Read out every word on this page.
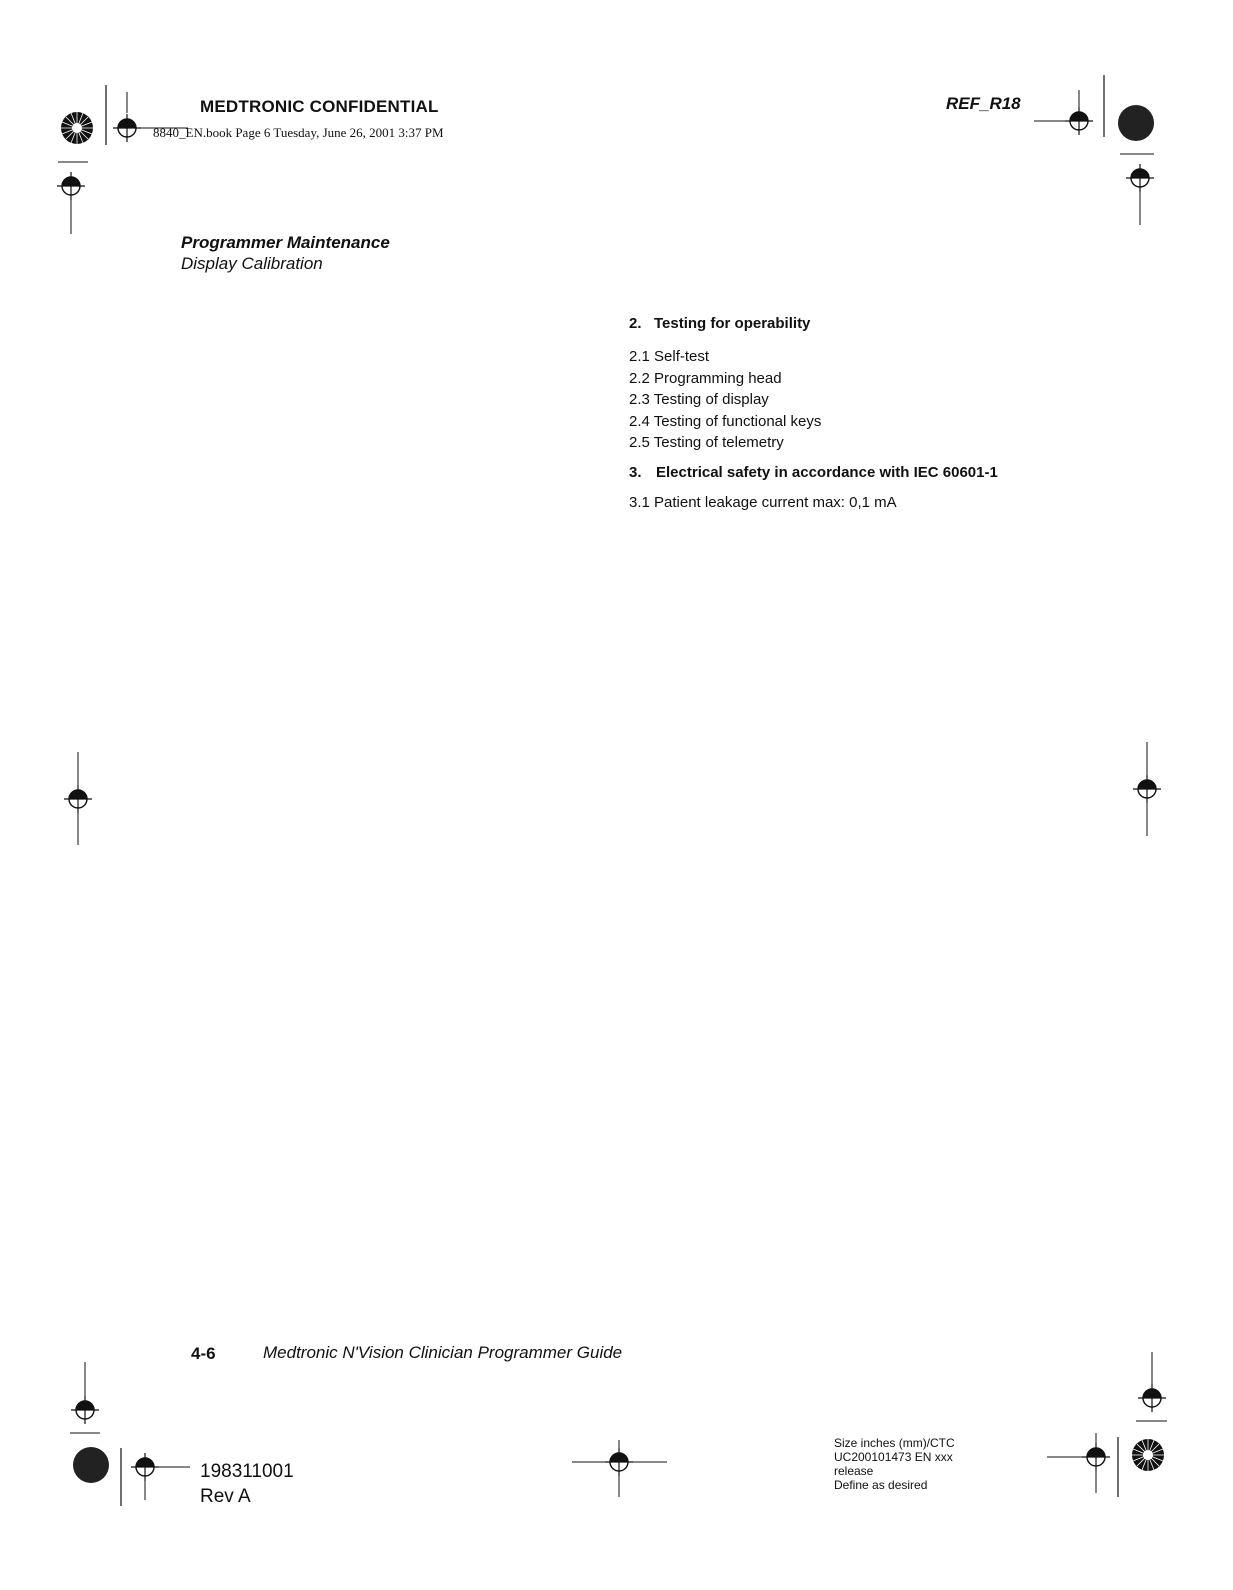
MEDTRONIC CONFIDENTIAL
8840_EN.book Page 6 Tuesday, June 26, 2001 3:37 PM
REF_R18
Programmer Maintenance
Display Calibration
2. Testing for operability
2.1 Self-test
2.2 Programming head
2.3 Testing of display
2.4 Testing of functional keys
2.5 Testing of telemetry
3. Electrical safety in accordance with IEC 60601-1
3.1 Patient leakage current max: 0,1 mA
4-6	Medtronic N'Vision Clinician Programmer Guide
198311001
Rev A
Size inches (mm)/CTC
UC200101473 EN xxx
release
Define as desired
